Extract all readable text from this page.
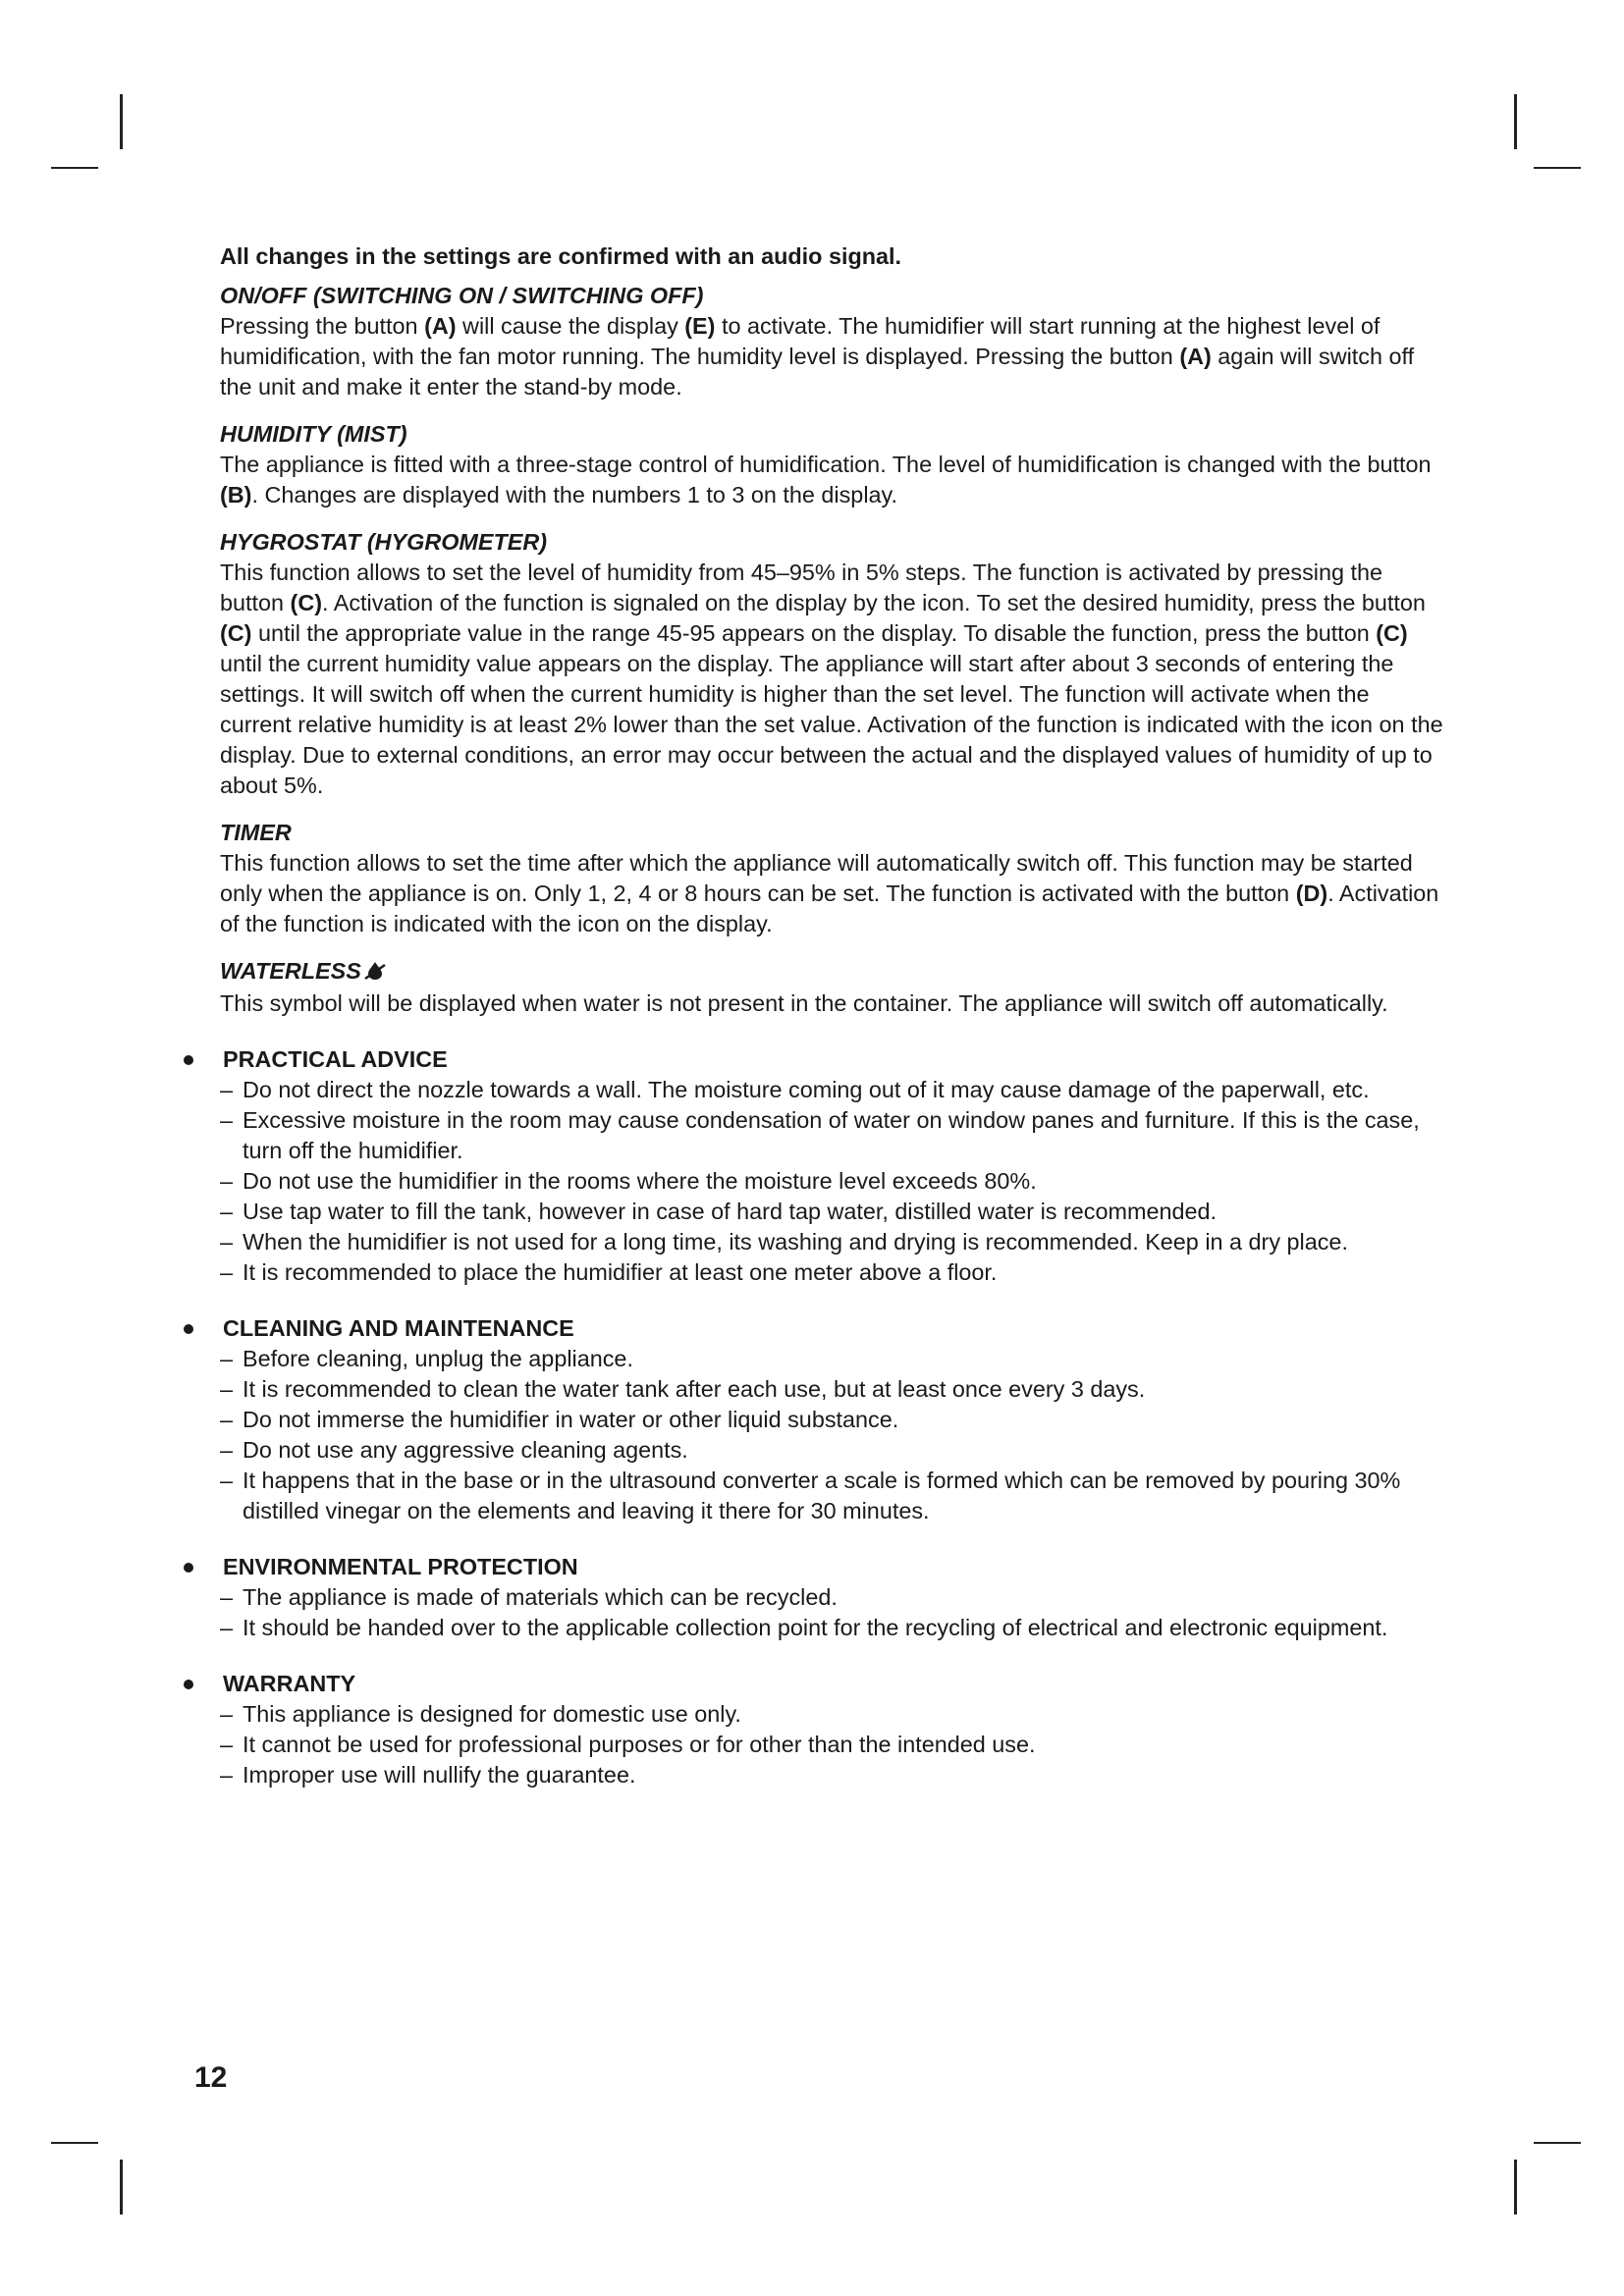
All changes in the settings are confirmed with an audio signal.

ON/OFF (SWITCHING ON / SWITCHING OFF)

Pressing the button (A) will cause the display (E) to activate. The humidifier will start running at the highest level of humidification, with the fan motor running. The humidity level is displayed. Pressing the button (A) again will switch off the unit and make it enter the stand-by mode.

HUMIDITY (MIST)

The appliance is fitted with a three-stage control of humidification. The level of humidification is changed with the button (B). Changes are displayed with the numbers 1 to 3 on the display.

HYGROSTAT (HYGROMETER)

This function allows to set the level of humidity from 45–95% in 5% steps. The function is activated by pressing the button (C). Activation of the function is signaled on the display by the icon. To set the desired humidity, press the button (C) until the appropriate value in the range 45-95 appears on the display. To disable the function, press the button (C) until the current humidity value appears on the display. The appliance will start after about 3 seconds of entering the settings. It will switch off when the current humidity is higher than the set level. The function will activate when the current relative humidity is at least 2% lower than the set value. Activation of the function is indicated with the icon on the display. Due to external conditions, an error may occur between the actual and the displayed values of humidity of up to about 5%.

TIMER

This function allows to set the time after which the appliance will automatically switch off. This function may be started only when the appliance is on. Only 1, 2, 4 or 8 hours can be set. The function is activated with the button (D). Activation of the function is indicated with the icon on the display.

WATERLESS

This symbol will be displayed when water is not present in the container. The appliance will switch off automatically.

PRACTICAL ADVICE

– Do not direct the nozzle towards a wall. The moisture coming out of it may cause damage of the paperwall, etc.
– Excessive moisture in the room may cause condensation of water on window panes and furniture. If this is the case, turn off the humidifier.
– Do not use the humidifier in the rooms where the moisture level exceeds 80%.
– Use tap water to fill the tank, however in case of hard tap water, distilled water is recommended.
– When the humidifier is not used for a long time, its washing and drying is recommended. Keep in a dry place.
– It is recommended to place the humidifier at least one meter above a floor.

CLEANING AND MAINTENANCE

– Before cleaning, unplug the appliance.
– It is recommended to clean the water tank after each use, but at least once every 3 days.
– Do not immerse the humidifier in water or other liquid substance.
– Do not use any aggressive cleaning agents.
– It happens that in the base or in the ultrasound converter a scale is formed which can be removed by pouring 30% distilled vinegar on the elements and leaving it there for 30 minutes.

ENVIRONMENTAL PROTECTION

– The appliance is made of materials which can be recycled.
– It should be handed over to the applicable collection point for the recycling of electrical and electronic equipment.

WARRANTY

– This appliance is designed for domestic use only.
– It cannot be used for professional purposes or for other than the intended use.
– Improper use will nullify the guarantee.
12
